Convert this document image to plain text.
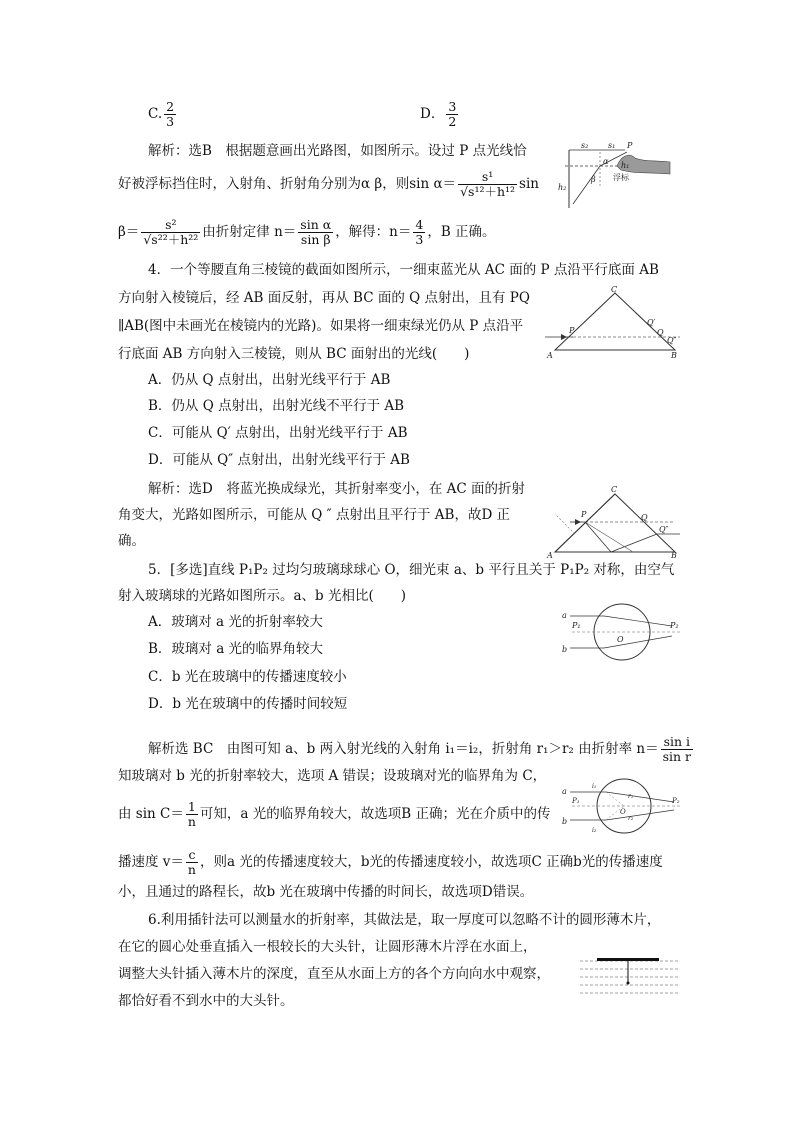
C. $\frac{2}{3}$	D． $\frac{3}{2}$
解析：选B　根据题意画出光路图，如图所示。设过 P 点光线恰
好被浮标挡住时，入射角、折射角分别为α β，则$\sin \alpha= \frac{\text{s¹}}{\text{√s¹²＋h¹²}}$ sin
$\beta= \frac{\text{s²}}{\text{√s²²＋h²²}}$ 由折射定律 $n= \frac{\text{sin α}}{\text{sin β}}$ ，解得：$n= \frac{4}{3}$ ，B 正确。
s₂ s₁ P
α h₁
h₂
β 浮标
4．一个等腰直角三棱镜的截面如图所示，一细束蓝光从 AC 面的 P 点沿平行底面 AB
方向射入棱镜后，经 AB 面反射，再从 BC 面的 Q 点射出，且有 PQ
∥AB(图中未画光在棱镜内的光路)。如果将一细束绿光仍从 P 点沿平
行底面 AB 方向射入三棱镜，则从 BC 面射出的光线(　　)
A．仍从 Q 点射出，出射光线平行于 AB
B．仍从 Q 点射出，出射光线不平行于 AB
C．可能从 Q′ 点射出，出射光线平行于 AB
D．可能从 Q″ 点射出，出射光线平行于 AB
C
P
Q′
Q
Q″
A	B
解析：选D　将蓝光换成绿光，其折射率变小，在 AC 面的折射
角变大，光路如图所示，可能从 Q ″ 点射出且平行于 AB，故D 正
确。
C
P	Q
Q″
A	B
5．[多选]直线 P₁P₂ 过均匀玻璃球球心 O，细光束 a、b 平行且关于 P₁P₂ 对称，由空气
射入玻璃球的光路如图所示。a、b 光相比(　　)
A．玻璃对 a 光的折射率较大
B．玻璃对 a 光的临界角较大
C．b 光在玻璃中的传播速度较小
D．b 光在玻璃中的传播时间较短
a
b
P₁	P₂
O
解析选 BC　由图可知 a、b 两入射光线的入射角 i₁＝i₂，折射角 r₁＞r₂ 由折射率 $n= \frac{\text{sin i}}{\text{sin r}}$
知玻璃对 b 光的折射率较大，选项 A 错误；设玻璃对光的临界角为 C，
由 $\sin C= \frac{1}{n}$ 可知，a 光的临界角较大，故选项B 正确；光在介质中的传
播速度 $v= \frac{c}{n}$ ，则a 光的传播速度较大，b光的传播速度较小，故选项C 正确b光的传播速度
小，且通过的路程长，故b 光在玻璃中传播的时间长，故选项D错误。
a
b
P₁	P₂
O
i₁
i₂
r₁
r₂
6.利用插针法可以测量水的折射率，其做法是，取一厚度可以忽略不计的圆形薄木片，
在它的圆心处垂直插入一根较长的大头针，让圆形薄木片浮在水面上，
调整大头针插入薄木片的深度，直至从水面上方的各个方向向水中观察，
都恰好看不到水中的大头针。
